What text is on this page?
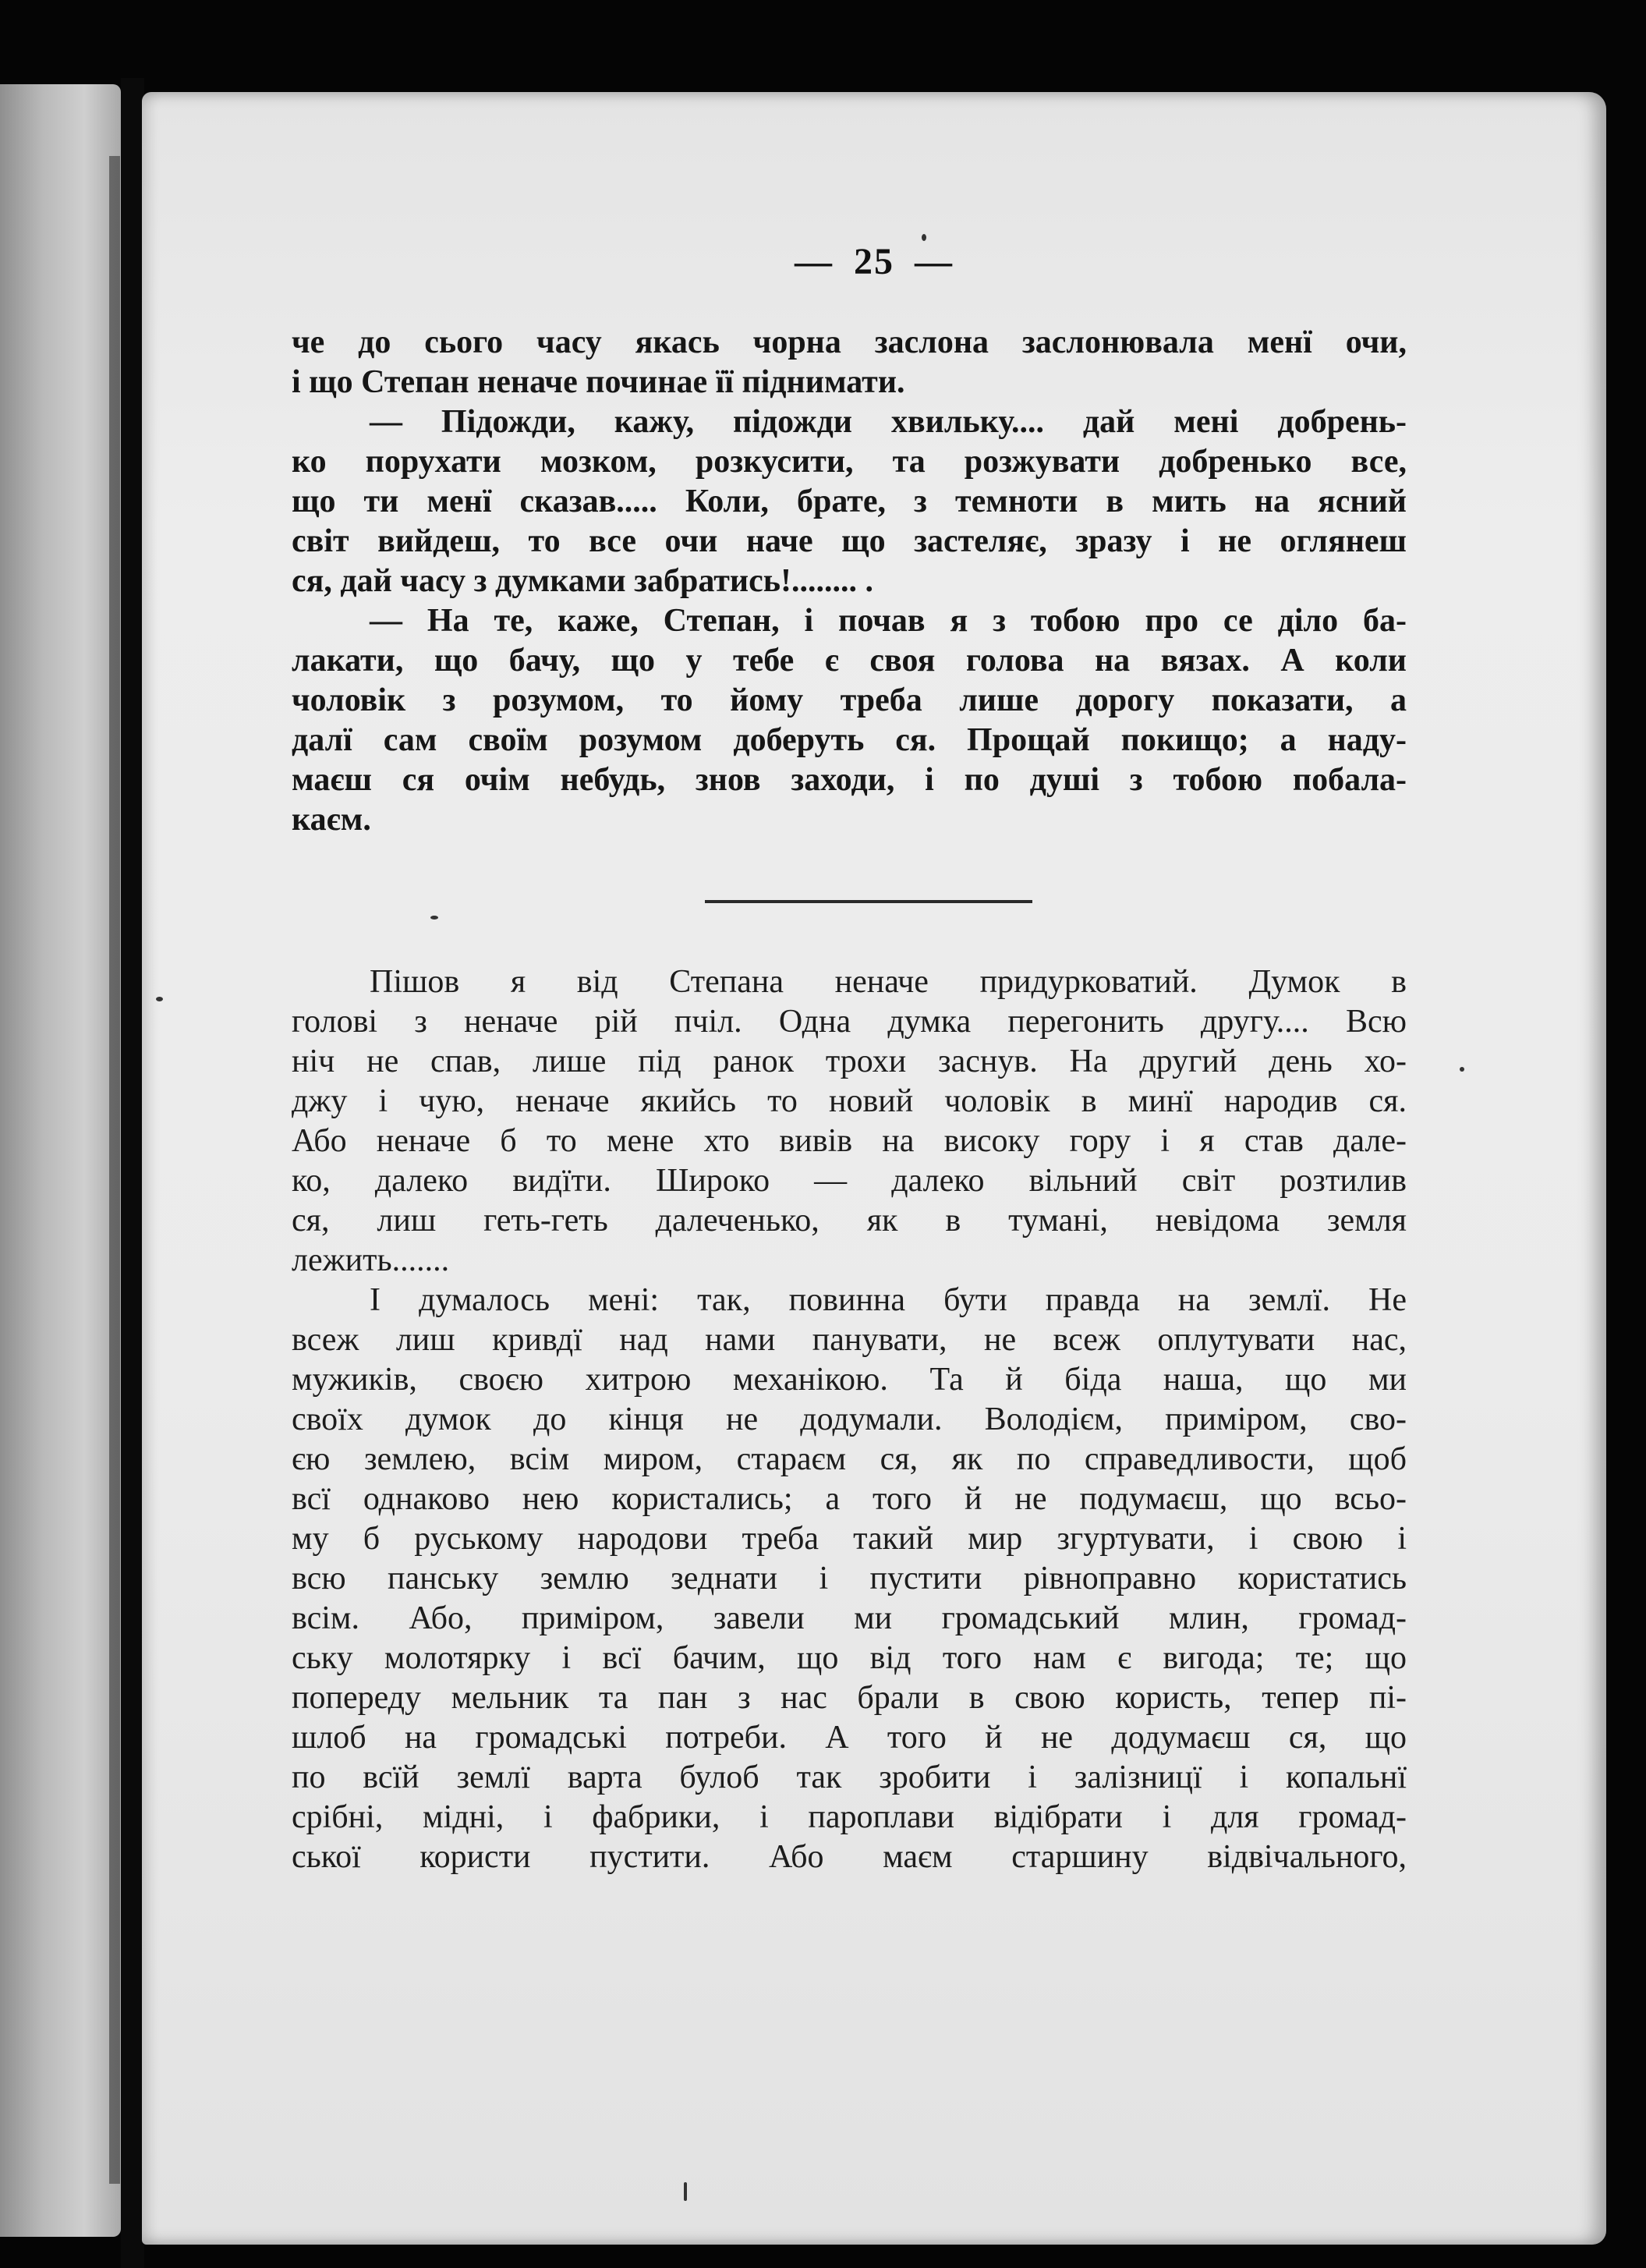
— 25 —
че до сього часу якась чорна заслона заслонювала менї очи,
і що Степан неначе починае її піднимати.
— Підожди, кажу, підожди хвильку.... дай мені добрень-
ко порухати мозком, розкусити, та розжувати добренько все,
що ти менї сказав..... Коли, брате, з темноти в мить на ясний
світ вийдеш, то все очи наче що застеляє, зразу і не оглянеш
ся, дай часу з думками забратись!........ .
— На те, каже, Степан, і почав я з тобою про се діло ба-
лакати, що бачу, що у тебе є своя голова на вязах. А коли
чоловік з розумом, то йому треба лише дорогу показати, а
далї сам своїм розумом доберуть ся. Прощай покищо; а наду-
маєш ся очім небудь, знов заходи, і по душі з тобою побала-
каєм.
Пішов я від Степана неначе придурковатий. Думок в
голові з неначе рій пчіл. Одна думка перегонить другу.... Всю
ніч не спав, лише під ранок трохи заснув. На другий день хо-
джу і чую, неначе якийсь то новий чоловік в минї народив ся.
Або неначе б то мене хто вивів на високу гору і я став дале-
ко, далеко видїти. Широко — далеко вільний світ розтилив
ся, лиш геть-геть далеченько, як в тумані, невідома земля
лежить.......
І думалось мені: так, повинна бути правда на землї. Не
всеж лиш кривдї над нами панувати, не всеж оплутувати нас,
мужиків, своєю хитрою механікою. Та й біда наша, що ми
своїх думок до кінця не додумали. Володієм, приміром, сво-
єю землею, всім миром, стараєм ся, як по справедливости, щоб
всї однаково нею користались; а того й не подумаєш, що всьо-
му б руському народови треба такий мир згуртувати, і свою і
всю панську землю зеднати і пустити рівноправно користатись
всім. Або, приміром, завели ми громадський млин, громад-
ську молотярку і всї бачим, що від того нам є вигода; те; що
попереду мельник та пан з нас брали в свою користь, тепер пі-
шлоб на громадські потреби. А того й не додумаєш ся, що
по всїй землї варта булоб так зробити і залізницї і копальнї
срібні, мідні, і фабрики, і пароплави відібрати і для громад-
ської користи пустити. Або маєм старшину відвічального,
